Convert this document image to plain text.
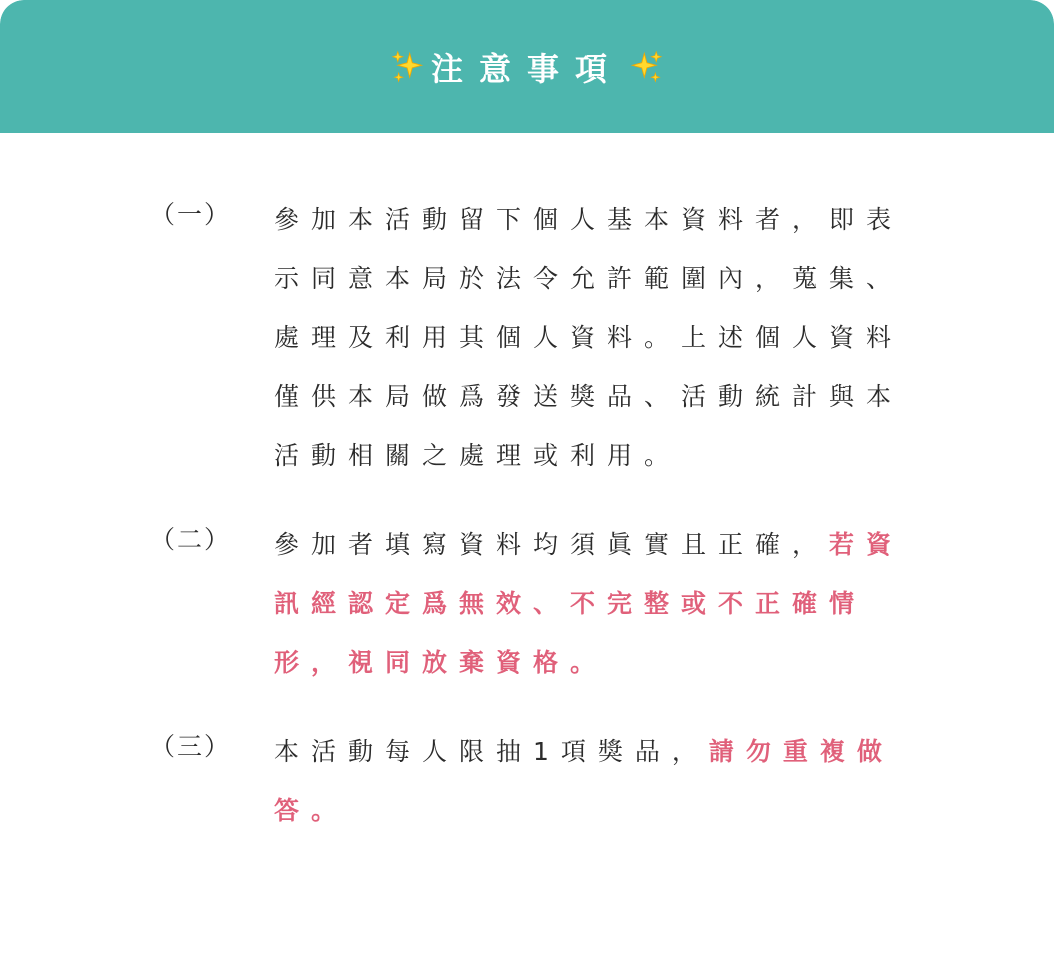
注意事項
（一） 參加本活動留下個人基本資料者，即表示同意本局於法令允許範圍內，蒐集、處理及利用其個人資料。上述個人資料僅供本局做爲發送獎品、活動統計與本活動相關之處理或利用。
（二） 參加者填寫資料均須眞實且正確，若資訊經認定爲無效、不完整或不正確情形，視同放棄資格。
（三） 本活動每人限抽1項獎品，請勿重複做答。
